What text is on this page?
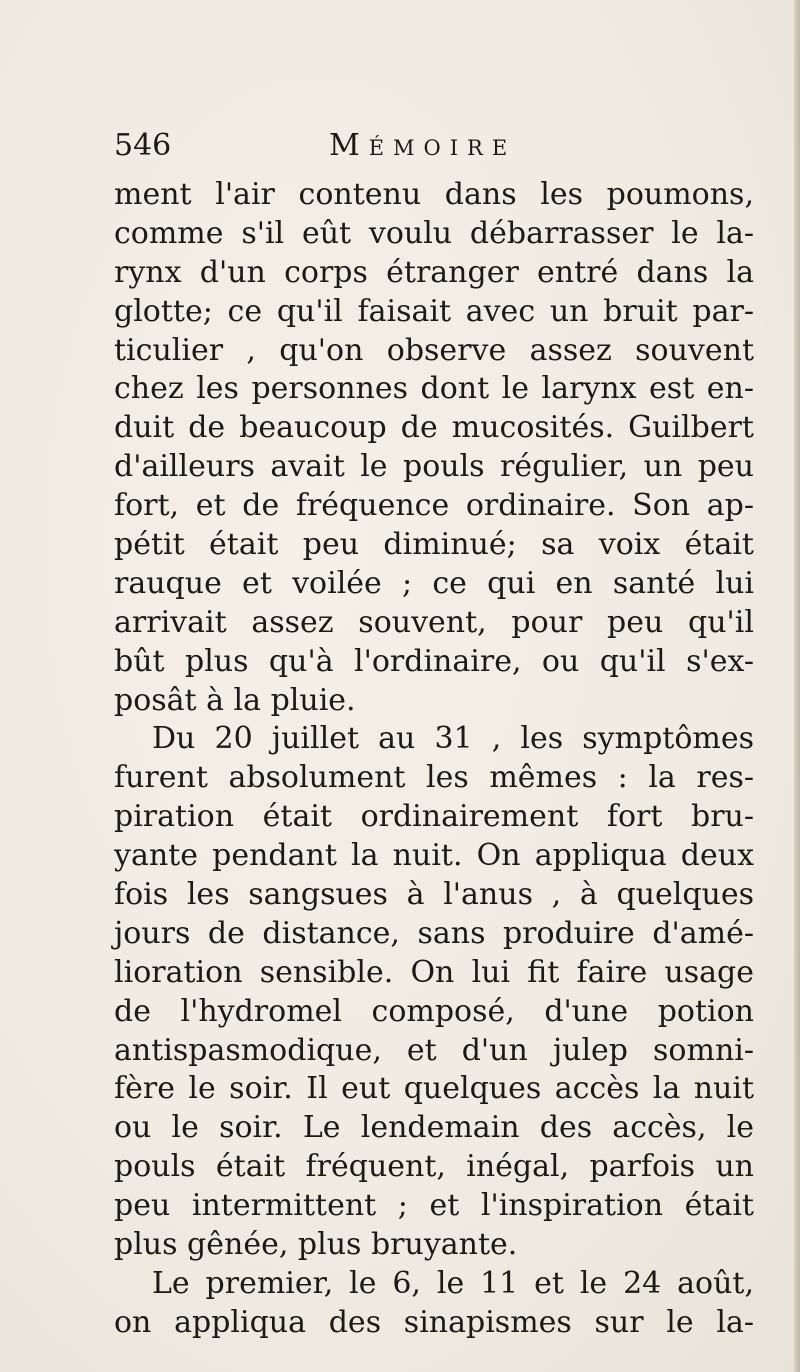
546	Mémoire
ment l'air contenu dans les poumons,
comme s'il eût voulu débarrasser le la-
rynx d'un corps étranger entré dans la
glotte; ce qu'il faisait avec un bruit par-
ticulier , qu'on observe assez souvent
chez les personnes dont le larynx est en-
duit de beaucoup de mucosités. Guilbert
d'ailleurs avait le pouls régulier, un peu
fort, et de fréquence ordinaire. Son ap-
pétit était peu diminué; sa voix était
rauque et voilée ; ce qui en santé lui
arrivait assez souvent, pour peu qu'il
bût plus qu'à l'ordinaire, ou qu'il s'ex-
posât à la pluie.
Du 20 juillet au 31 , les symptômes
furent absolument les mêmes : la res-
piration était ordinairement fort bru-
yante pendant la nuit. On appliqua deux
fois les sangsues à l'anus , à quelques
jours de distance, sans produire d'amé-
lioration sensible. On lui fit faire usage
de l'hydromel composé, d'une potion
antispasmodique, et d'un julep somni-
fère le soir. Il eut quelques accès la nuit
ou le soir. Le lendemain des accès, le
pouls était fréquent, inégal, parfois un
peu intermittent ; et l'inspiration était
plus gênée, plus bruyante.
Le premier, le 6, le 11 et le 24 août,
on appliqua des sinapismes sur le la-
